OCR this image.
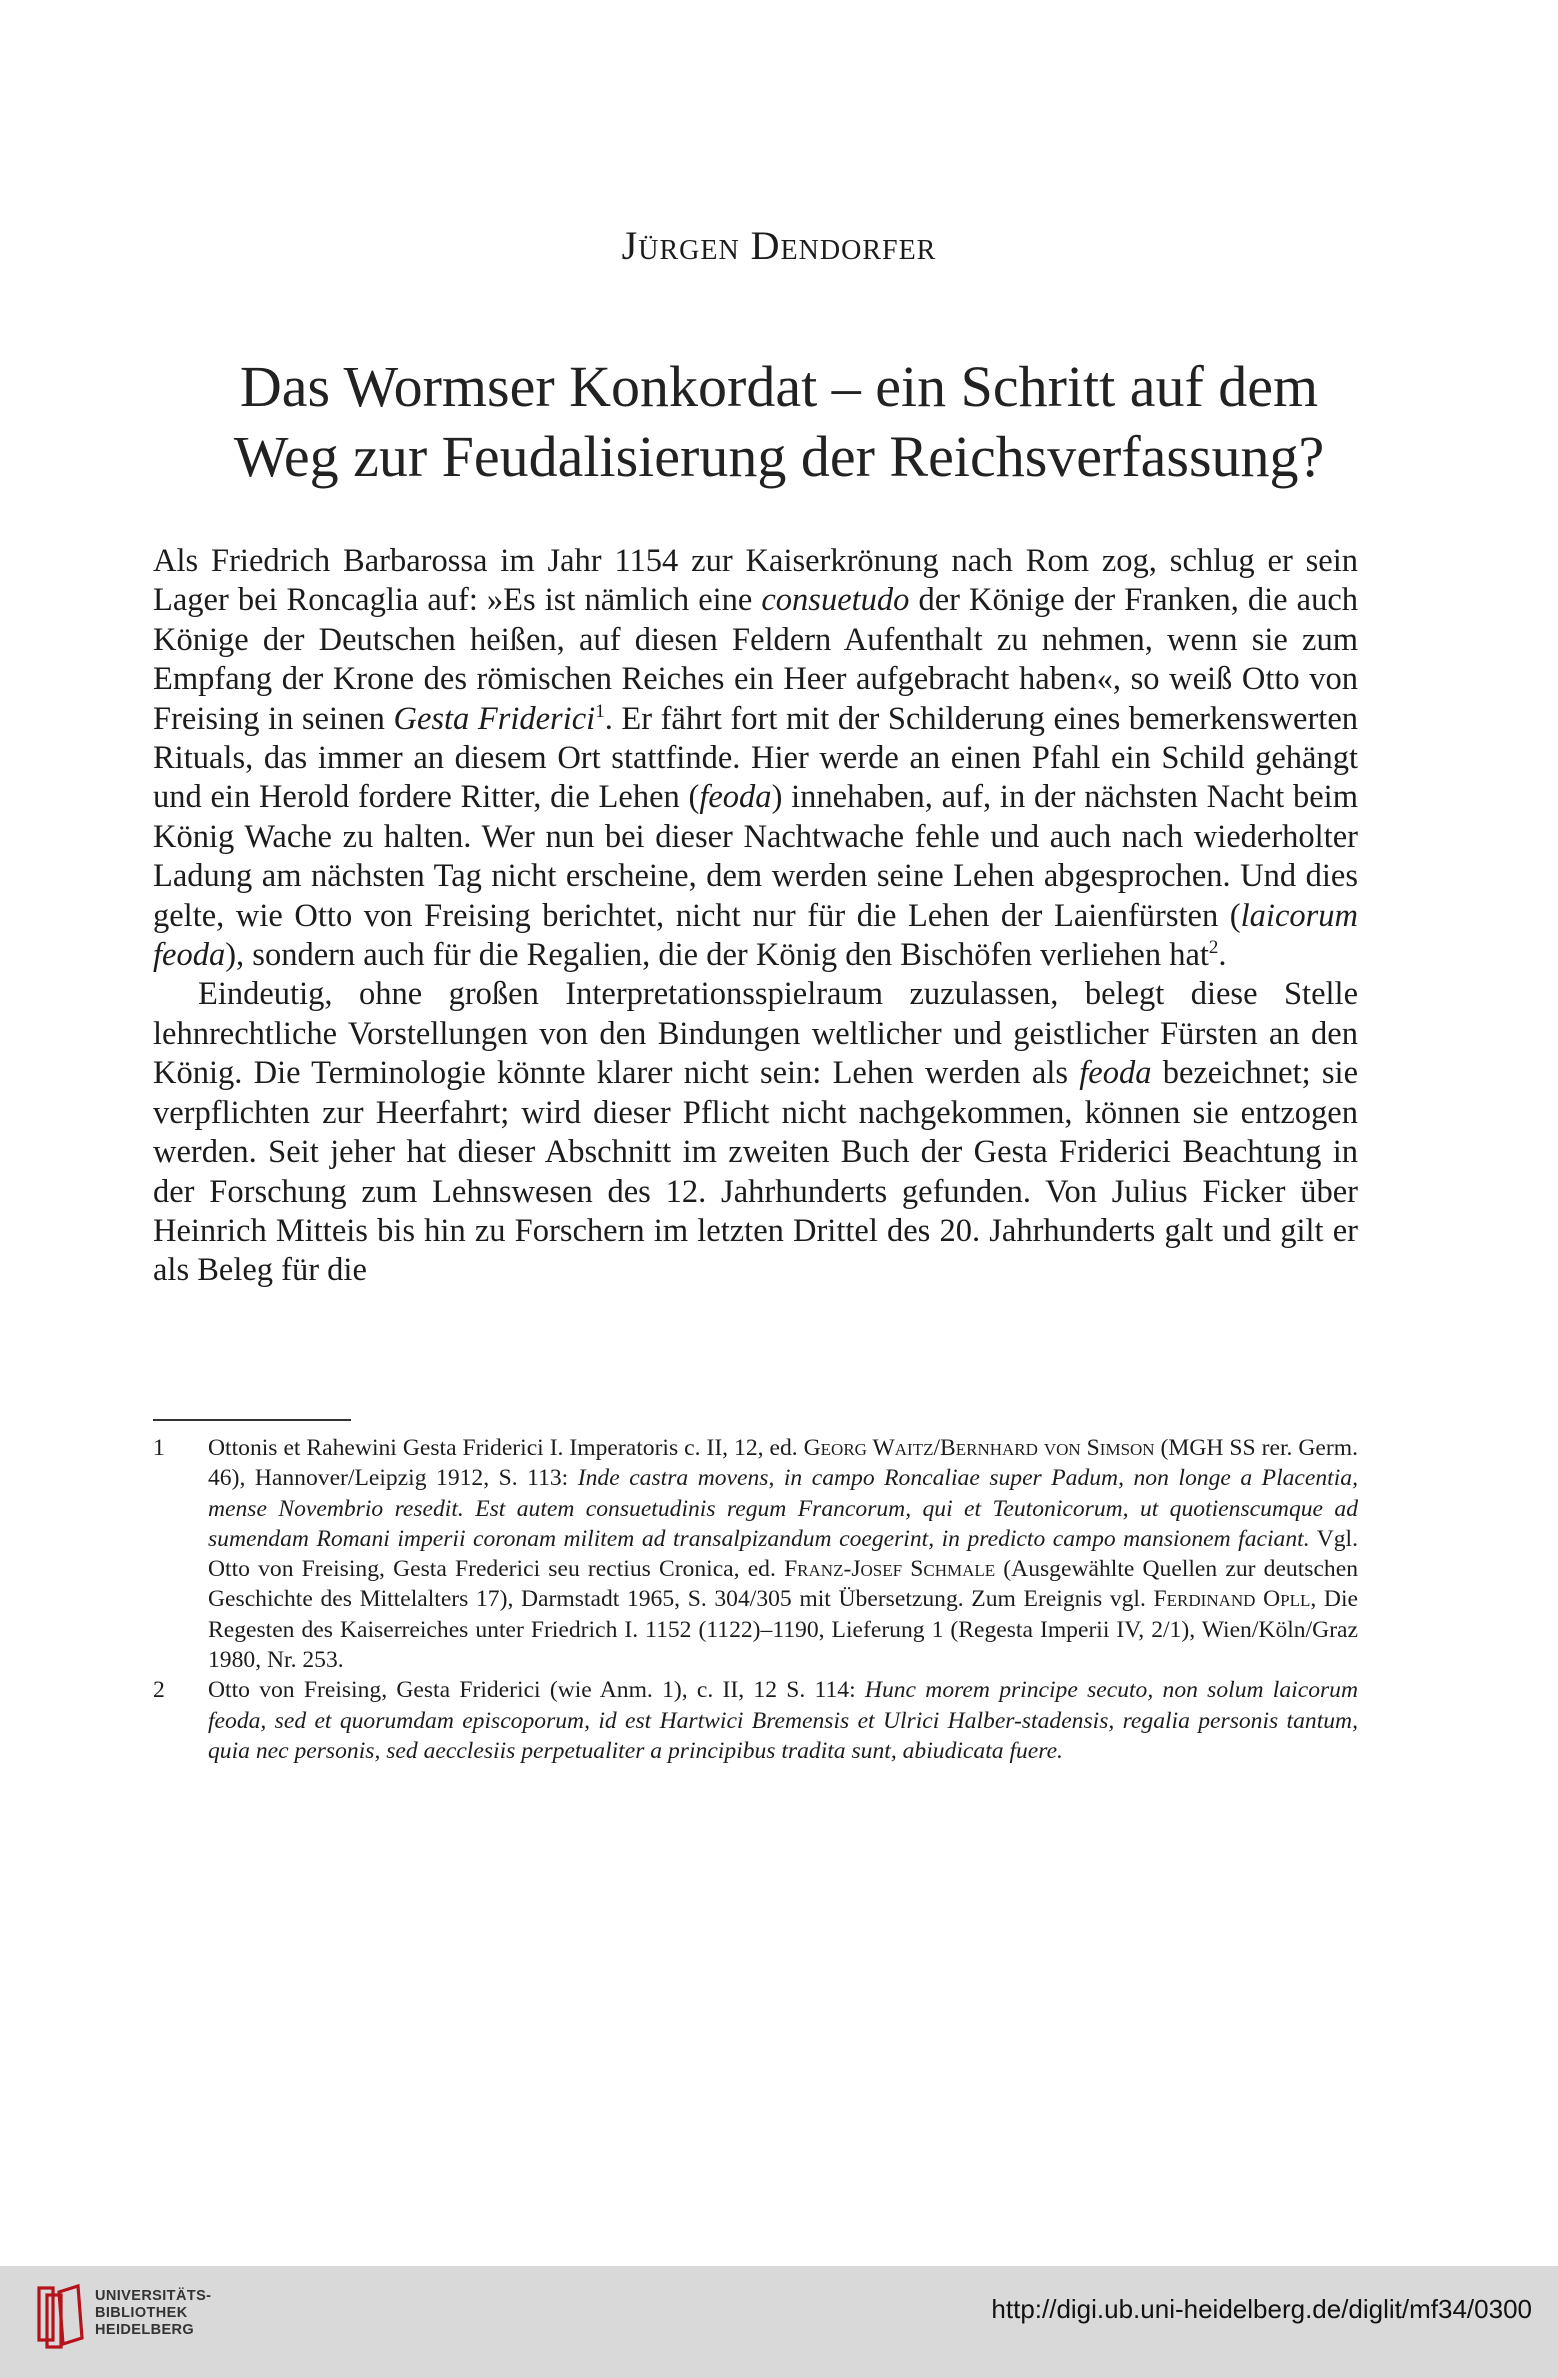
Jürgen Dendorfer
Das Wormser Konkordat – ein Schritt auf dem
Weg zur Feudalisierung der Reichsverfassung?

Als Friedrich Barbarossa im Jahr 1154 zur Kaiserkrönung nach Rom zog, schlug er sein Lager bei Roncaglia auf: »Es ist nämlich eine consuetudo der Könige der Franken, die auch Könige der Deutschen heißen, auf diesen Feldern Aufenthalt zu nehmen, wenn sie zum Empfang der Krone des römischen Reiches ein Heer aufgebracht haben«, so weiß Otto von Freising in seinen Gesta Friderici$^1$. Er fährt fort mit der Schilderung eines bemerkenswerten Rituals, das immer an diesem Ort stattfinde. Hier werde an einen Pfahl ein Schild gehängt und ein Herold fordere Ritter, die Lehen (feoda) innehaben, auf, in der nächsten Nacht beim König Wache zu halten. Wer nun bei dieser Nachtwache fehle und auch nach wiederholter Ladung am nächsten Tag nicht erscheine, dem werden seine Lehen abgesprochen. Und dies gelte, wie Otto von Freising berichtet, nicht nur für die Lehen der Laienfürsten (laicorum feoda), sondern auch für die Regalien, die der König den Bischöfen verliehen hat$^2$.

Eindeutig, ohne großen Interpretationsspielraum zuzulassen, belegt diese Stelle lehnrechtliche Vorstellungen von den Bindungen weltlicher und geistlicher Fürsten an den König. Die Terminologie könnte klarer nicht sein: Lehen werden als feoda bezeichnet; sie verpflichten zur Heerfahrt; wird dieser Pflicht nicht nachgekommen, können sie entzogen werden. Seit jeher hat dieser Abschnitt im zweiten Buch der Gesta Friderici Beachtung in der Forschung zum Lehnswesen des 12. Jahrhunderts gefunden. Von Julius Ficker über Heinrich Mitteis bis hin zu Forschern im letzten Drittel des 20. Jahrhunderts galt und gilt er als Beleg für die

1	Ottonis et Rahewini Gesta Friderici I. Imperatoris c. II, 12, ed. Georg Waitz/Bernhard von Simson (MGH SS rer. Germ. 46), Hannover/Leipzig 1912, S. 113: Inde castra movens, in campo Roncaliae super Padum, non longe a Placentia, mense Novembrio resedit. Est autem consuetudinis regum Francorum, qui et Teutonicorum, ut quotienscumque ad sumendam Romani imperii coronam militem ad transalpizandum coegerint, in predicto campo mansionem faciant. Vgl. Otto von Freising, Gesta Frederici seu rectius Cronica, ed. Franz-Josef Schmale (Ausgewählte Quellen zur deutschen Geschichte des Mittelalters 17), Darmstadt 1965, S. 304/305 mit Übersetzung. Zum Ereignis vgl. Ferdinand Opll, Die Regesten des Kaiserreiches unter Friedrich I. 1152 (1122)–1190, Lieferung 1 (Regesta Imperii IV, 2/1), Wien/Köln/Graz 1980, Nr. 253.
2	Otto von Freising, Gesta Friderici (wie Anm. 1), c. II, 12 S. 114: Hunc morem principe secuto, non solum laicorum feoda, sed et quorumdam episcoporum, id est Hartwici Bremensis et Ulrici Halber-stadensis, regalia personis tantum, quia nec personis, sed aecclesiis perpetualiter a principibus tradita sunt, abiudicata fuere.
UNIVERSITÄTS-
BIBLIOTHEK
HEIDELBERG
http://digi.ub.uni-heidelberg.de/diglit/mf34/0300
